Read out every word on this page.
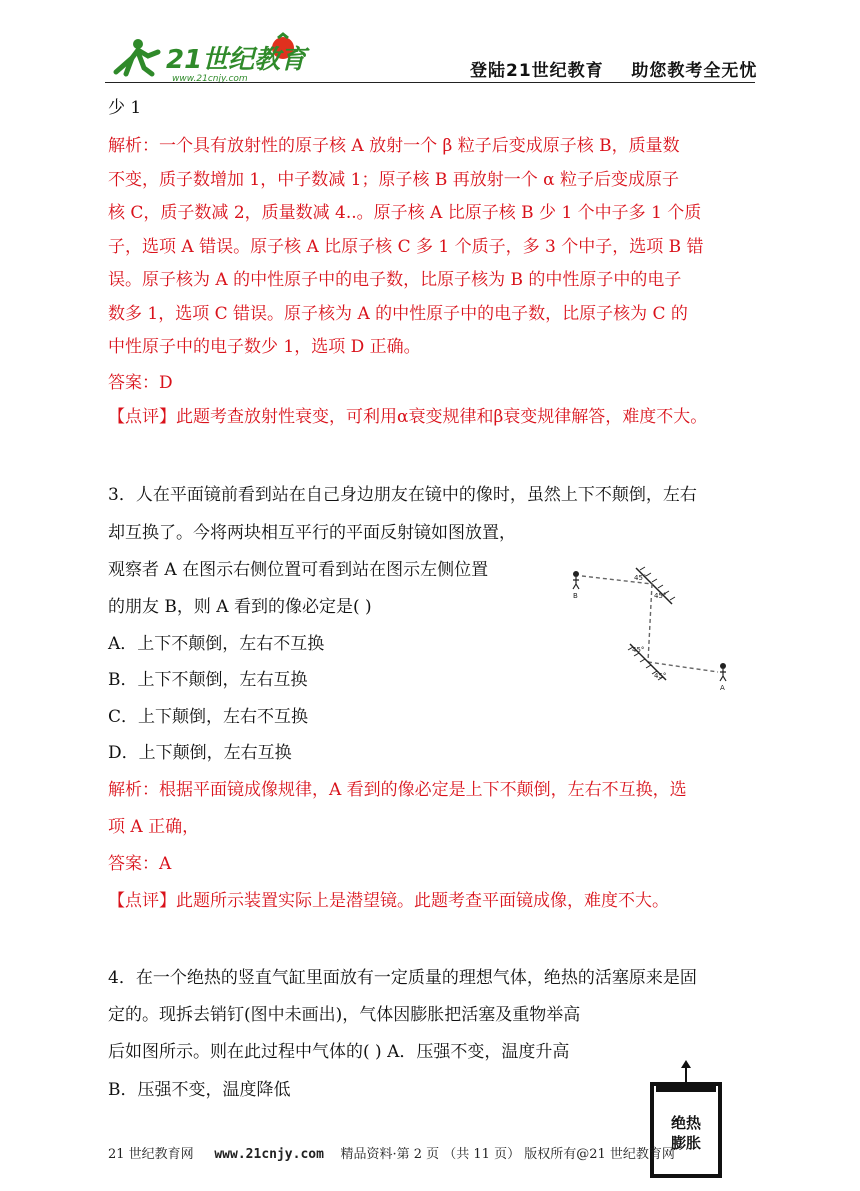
21世纪教育
www.21cnjy.com	登陆21世纪教育    助您教考全无忧
少 1
解析：一个具有放射性的原子核 A 放射一个 β 粒子后变成原子核 B，质量数
不变，质子数增加 1，中子数减 1；原子核 B 再放射一个 α 粒子后变成原子
核 C，质子数减 2，质量数减 4..。原子核 A 比原子核 B 少 1 个中子多 1 个质
子，选项 A 错误。原子核 A 比原子核 C 多 1 个质子，多 3 个中子，选项 B 错
误。原子核为 A 的中性原子中的电子数，比原子核为 B 的中性原子中的电子
数多 1，选项 C 错误。原子核为 A 的中性原子中的电子数，比原子核为 C 的
中性原子中的电子数少 1，选项 D 正确。
答案：D
【点评】此题考查放射性衰变，可利用α衰变规律和β衰变规律解答，难度不大。
3．人在平面镜前看到站在自己身边朋友在镜中的像时，虽然上下不颠倒，左右
却互换了。今将两块相互平行的平面反射镜如图放置，
观察者 A 在图示右侧位置可看到站在图示左侧位置
的朋友 B，则 A 看到的像必定是( )
A．上下不颠倒，左右不互换
B．上下不颠倒，左右互换
C．上下颠倒，左右不互换
D．上下颠倒，左右互换
解析：根据平面镜成像规律，A 看到的像必定是上下不颠倒，左右不互换，选
项 A 正确，
答案：A
【点评】此题所示装置实际上是潜望镜。此题考查平面镜成像，难度不大。
B
45°
45°
45°
45°
A
4．在一个绝热的竖直气缸里面放有一定质量的理想气体，绝热的活塞原来是固
定的。现拆去销钉(图中未画出)，气体因膨胀把活塞及重物举高
后如图所示。则在此过程中气体的( ) A．压强不变，温度升高
B．压强不变，温度降低
绝热
膨胀
21 世纪教育网 www.21cnjy.com 精品资料·第 2 页 （共 11 页） 版权所有@21 世纪教育网
